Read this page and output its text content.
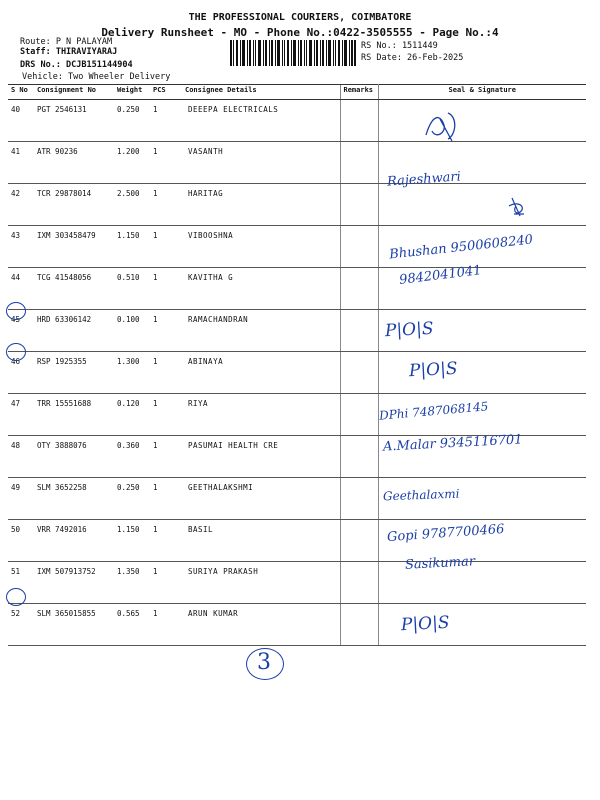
THE PROFESSIONAL COURIERS, COIMBATORE
Delivery Runsheet - MO - Phone No.:0422-3505555 - Page No.:4
Route: P N PALAYAM
Staff: THIRAVIYARAJ
DRS No.: DCJB151144904
Vehicle: Two Wheeler Delivery
RS No.: 1511449
RS Date: 26-Feb-2025
S No	Consignment No	Weight	PCS	Consignee Details	Remarks	Seal & Signature
40	PGT 2546131	0.250	1	DEEEPA ELECTRICALS		
41	ATR 90236	1.200	1	VASANTH		Rajeshwari

42	TCR 29878014	2.500	1	HARITAG		
43	IXM 303458479	1.150	1	VIBOOSHNA		Bhushan 9500608240

44	TCG 41548056	0.510	1	KAVITHA G		9842041041

45	HRD 63306142	0.100	1	RAMACHANDRAN		P|O|S

46	RSP 1925355	1.300	1	ABINAYA		P|O|S

47	TRR 15551688	0.120	1	RIYA		DPhi 7487068145

48	OTY 3888076	0.360	1	PASUMAI HEALTH CRE		A.Malar 9345116701

49	SLM 3652258	0.250	1	GEETHALAKSHMI		Geethalaxmi

50	VRR 7492016	1.150	1	BASIL		Gopi 9787700466

51	IXM 507913752	1.350	1	SURIYA PRAKASH		Sasikumar

52	SLM 365015855	0.565	1	ARUN KUMAR		P|O|S
3
